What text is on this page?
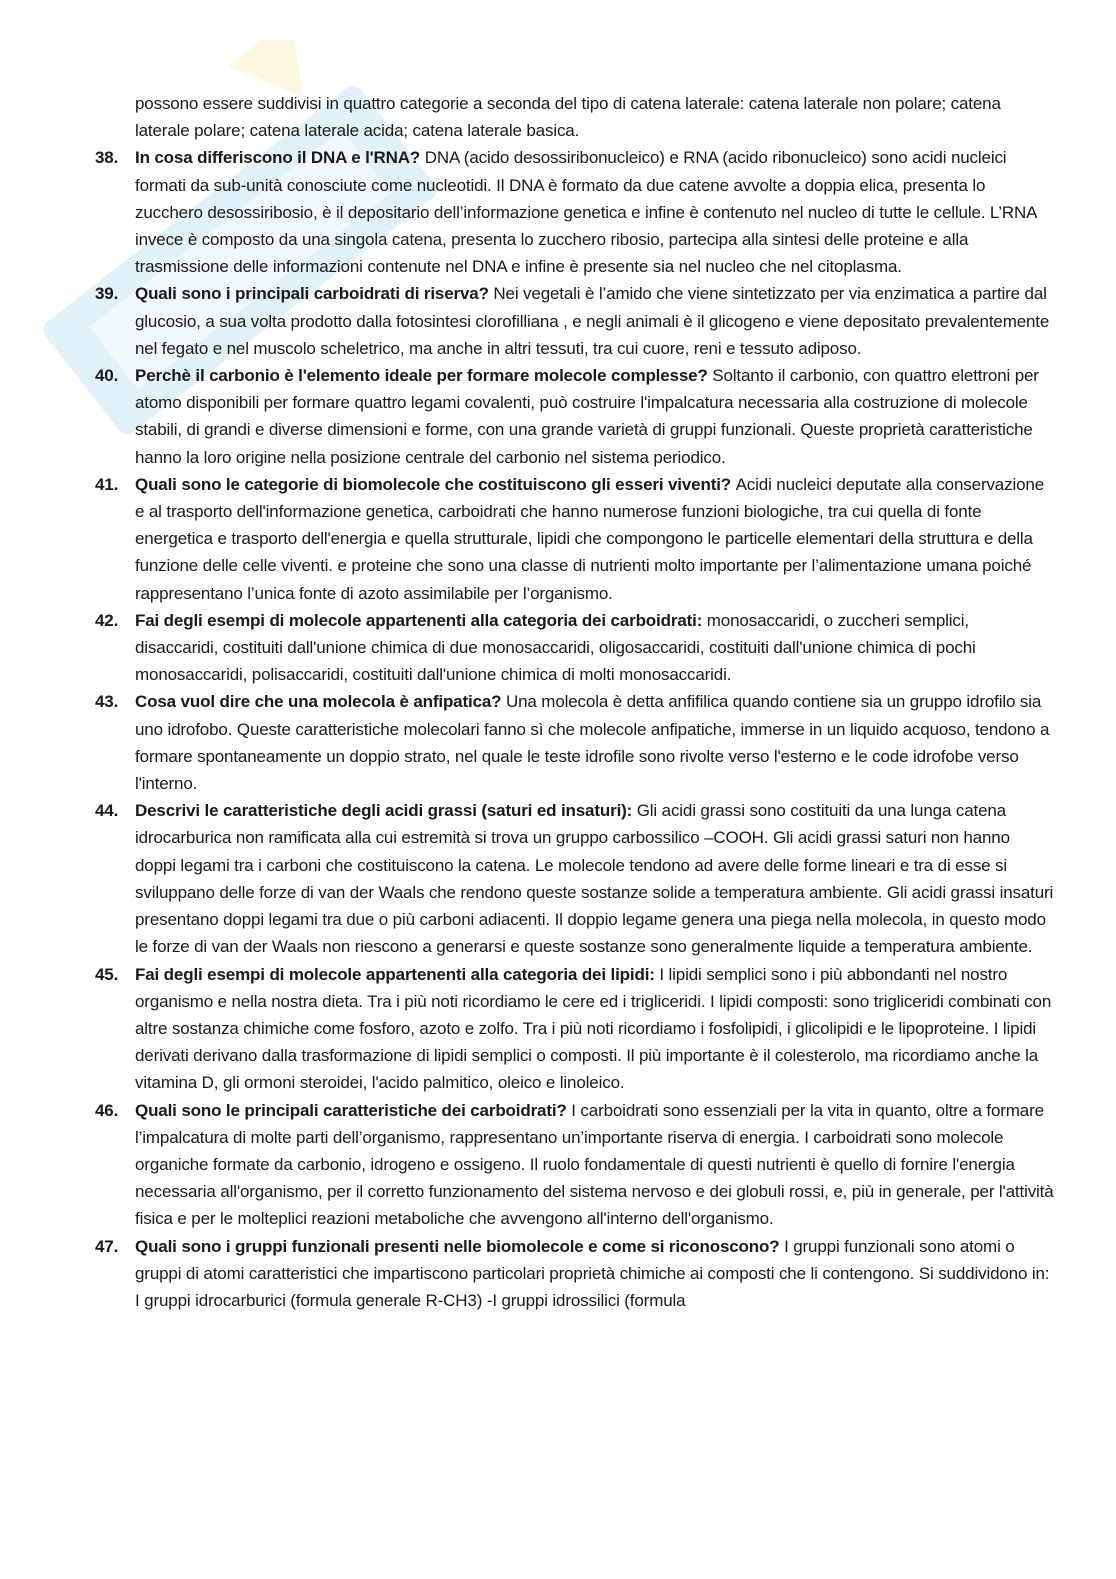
possono essere suddivisi in quattro categorie a seconda del tipo di catena laterale: catena laterale non polare; catena laterale polare; catena laterale acida; catena laterale basica.

38. In cosa differiscono il DNA e l'RNA? DNA (acido desossiribonucleico) e RNA (acido ribonucleico) sono acidi nucleici formati da sub-unità conosciute come nucleotidi. Il DNA è formato da due catene avvolte a doppia elica, presenta lo zucchero desossiribosio, è il depositario dell’informazione genetica e infine è contenuto nel nucleo di tutte le cellule. L’RNA invece è composto da una singola catena, presenta lo zucchero ribosio, partecipa alla sintesi delle proteine e alla trasmissione delle informazioni contenute nel DNA e infine è presente sia nel nucleo che nel citoplasma.
39. Quali sono i principali carboidrati di riserva? Nei vegetali è l’amido che viene sintetizzato per via enzimatica a partire dal glucosio, a sua volta prodotto dalla fotosintesi clorofilliana , e negli animali è il glicogeno e viene depositato prevalentemente nel fegato e nel muscolo scheletrico, ma anche in altri tessuti, tra cui cuore, reni e tessuto adiposo.
40. Perchè il carbonio è l'elemento ideale per formare molecole complesse? Soltanto il carbonio, con quattro elettroni per atomo disponibili per formare quattro legami covalenti, può costruire l'impalcatura necessaria alla costruzione di molecole stabili, di grandi e diverse dimensioni e forme, con una grande varietà di gruppi funzionali. Queste proprietà caratteristiche hanno la loro origine nella posizione centrale del carbonio nel sistema periodico.
41. Quali sono le categorie di biomolecole che costituiscono gli esseri viventi? Acidi nucleici deputate alla conservazione e al trasporto dell'informazione genetica, carboidrati che hanno numerose funzioni biologiche, tra cui quella di fonte energetica e trasporto dell'energia e quella strutturale, lipidi che compongono le particelle elementari della struttura e della funzione delle celle viventi. e proteine che sono una classe di nutrienti molto importante per l’alimentazione umana poiché rappresentano l’unica fonte di azoto assimilabile per l’organismo.
42. Fai degli esempi di molecole appartenenti alla categoria dei carboidrati: monosaccaridi, o zuccheri semplici, disaccaridi, costituiti dall'unione chimica di due monosaccaridi, oligosaccaridi, costituiti dall'unione chimica di pochi monosaccaridi, polisaccaridi, costituiti dall'unione chimica di molti monosaccaridi.
43. Cosa vuol dire che una molecola è anfipatica? Una molecola è detta anfifilica quando contiene sia un gruppo idrofilo sia uno idrofobo. Queste caratteristiche molecolari fanno sì che molecole anfipatiche, immerse in un liquido acquoso, tendono a formare spontaneamente un doppio strato, nel quale le teste idrofile sono rivolte verso l'esterno e le code idrofobe verso l'interno.
44. Descrivi le caratteristiche degli acidi grassi (saturi ed insaturi): Gli acidi grassi sono costituiti da una lunga catena idrocarburica non ramificata alla cui estremità si trova un gruppo carbossilico –COOH. Gli acidi grassi saturi non hanno doppi legami tra i carboni che costituiscono la catena. Le molecole tendono ad avere delle forme lineari e tra di esse si sviluppano delle forze di van der Waals che rendono queste sostanze solide a temperatura ambiente. Gli acidi grassi insaturi presentano doppi legami tra due o più carboni adiacenti. Il doppio legame genera una piega nella molecola, in questo modo le forze di van der Waals non riescono a generarsi e queste sostanze sono generalmente liquide a temperatura ambiente.
45. Fai degli esempi di molecole appartenenti alla categoria dei lipidi: I lipidi semplici sono i più abbondanti nel nostro organismo e nella nostra dieta. Tra i più noti ricordiamo le cere ed i trigliceridi. I lipidi composti: sono trigliceridi combinati con altre sostanza chimiche come fosforo, azoto e zolfo. Tra i più noti ricordiamo i fosfolipidi, i glicolipidi e le lipoproteine. I lipidi derivati derivano dalla trasformazione di lipidi semplici o composti. Il più importante è il colesterolo, ma ricordiamo anche la vitamina D, gli ormoni steroidei, l'acido palmitico, oleico e linoleico.
46. Quali sono le principali caratteristiche dei carboidrati? I carboidrati sono essenziali per la vita in quanto, oltre a formare l’impalcatura di molte parti dell’organismo, rappresentano un’importante riserva di energia. I carboidrati sono molecole organiche formate da carbonio, idrogeno e ossigeno. Il ruolo fondamentale di questi nutrienti è quello di fornire l'energia necessaria all'organismo, per il corretto funzionamento del sistema nervoso e dei globuli rossi, e, più in generale, per l'attività fisica e per le molteplici reazioni metaboliche che avvengono all'interno dell'organismo.
47. Quali sono i gruppi funzionali presenti nelle biomolecole e come si riconoscono? I gruppi funzionali sono atomi o gruppi di atomi caratteristici che impartiscono particolari proprietà chimiche ai composti che li contengono. Si suddividono in: I gruppi idrocarburici (formula generale R-CH3) -I gruppi idrossilici (formula
